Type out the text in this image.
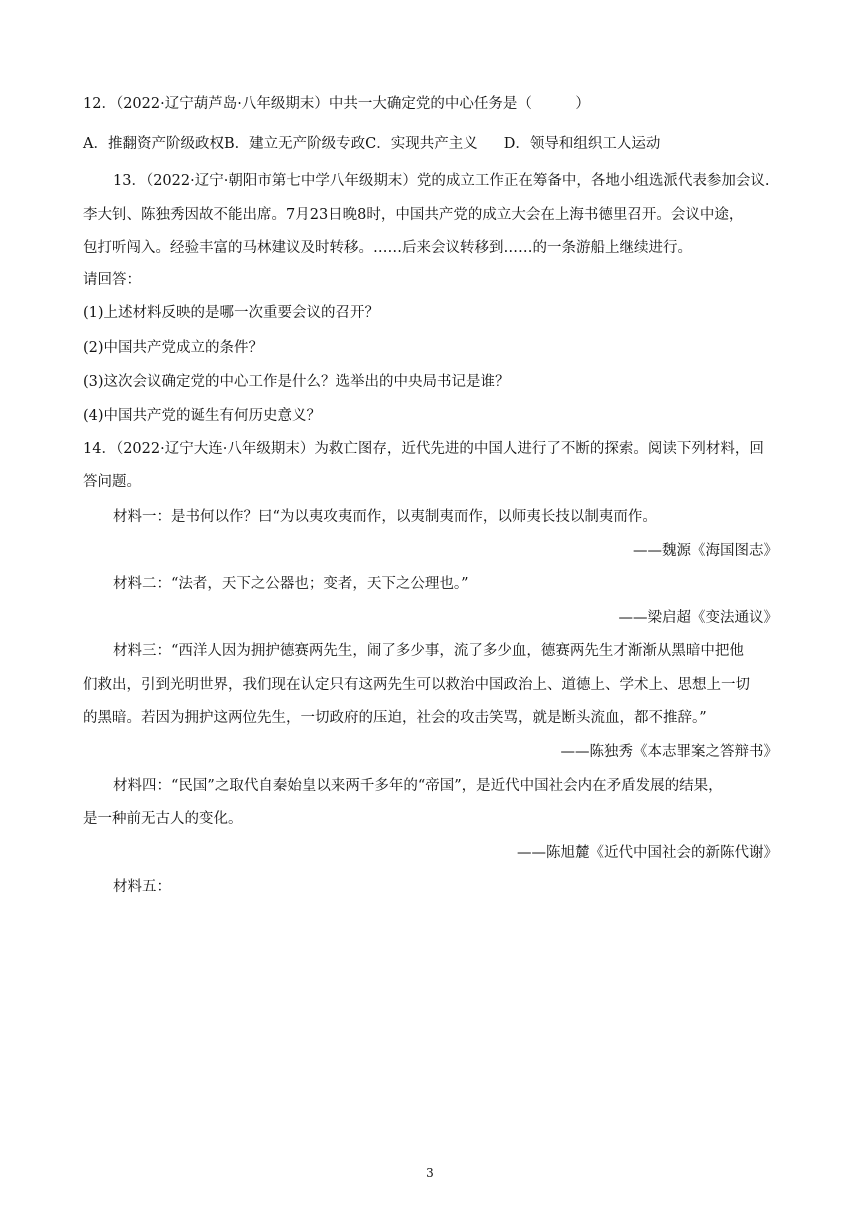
12．（2022·辽宁葫芦岛·八年级期末）中共一大确定党的中心任务是（　　　）
A．推翻资产阶级政权B．建立无产阶级专政C．实现共产主义 D．领导和组织工人运动
13．（2022·辽宁·朝阳市第七中学八年级期末）党的成立工作正在筹备中，各地小组选派代表参加会议.
李大钊、陈独秀因故不能出席。7月23日晚8时，中国共产党的成立大会在上海书德里召开。会议中途，
包打听闯入。经验丰富的马林建议及时转移。……后来会议转移到……的一条游船上继续进行。
请回答：
(1)上述材料反映的是哪一次重要会议的召开？
(2)中国共产党成立的条件？
(3)这次会议确定党的中心工作是什么？选举出的中央局书记是谁？
(4)中国共产党的诞生有何历史意义？
14．（2022·辽宁大连·八年级期末）为救亡图存，近代先进的中国人进行了不断的探索。阅读下列材料，回
答问题。
材料一：是书何以作？曰“为以夷攻夷而作，以夷制夷而作，以师夷长技以制夷而作。
——魏源《海国图志》
材料二：“法者，天下之公器也；变者，天下之公理也。”
——梁启超《变法通议》
材料三：“西洋人因为拥护德赛两先生，闹了多少事，流了多少血，德赛两先生才渐渐从黑暗中把他
们救出，引到光明世界，我们现在认定只有这两先生可以救治中国政治上、道德上、学术上、思想上一切
的黑暗。若因为拥护这两位先生，一切政府的压迫，社会的攻击笑骂，就是断头流血，都不推辞。”
——陈独秀《本志罪案之答辩书》
材料四：“民国”之取代自秦始皇以来两千多年的“帝国”，是近代中国社会内在矛盾发展的结果，
是一种前无古人的变化。
——陈旭麓《近代中国社会的新陈代谢》
材料五：
3
